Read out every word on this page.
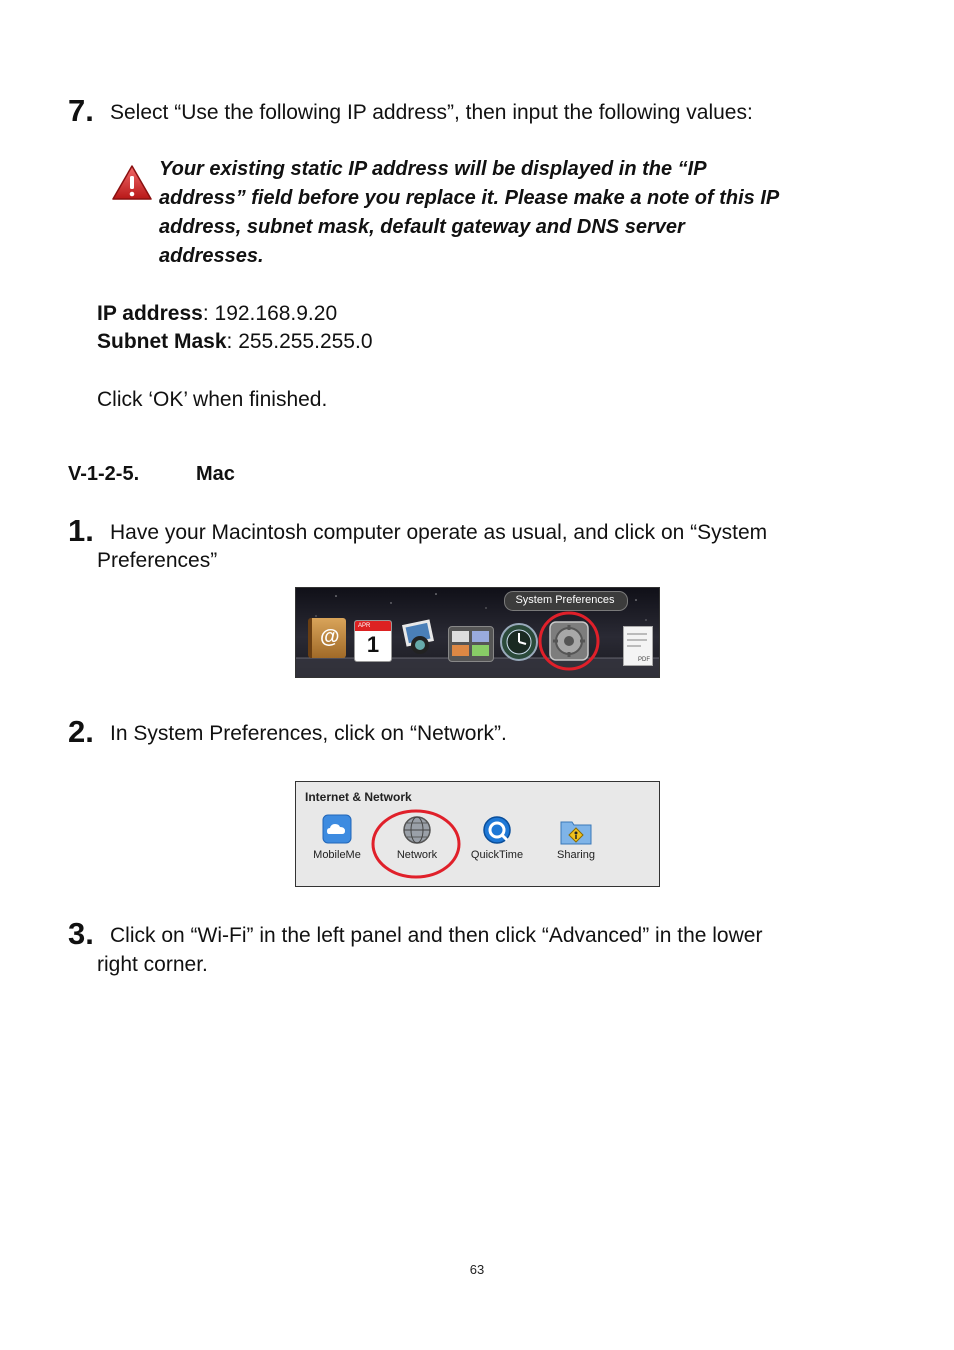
7. Select “Use the following IP address”, then input the following values:
Your existing static IP address will be displayed in the “IP
address” field before you replace it. Please make a note of this IP
address, subnet mask, default gateway and DNS server
addresses.
IP address: 192.168.9.20
Subnet Mask: 255.255.255.0
Click ‘OK’ when finished.
V-1-2-5.	Mac
1. Have your Macintosh computer operate as usual, and click on “System
Preferences”
System Preferences
@	APR
1
PDF
2. In System Preferences, click on “Network”.
Internet & Network
MobileMe	Network	QuickTime	Sharing
3. Click on “Wi-Fi” in the left panel and then click “Advanced” in the lower
right corner.
63
